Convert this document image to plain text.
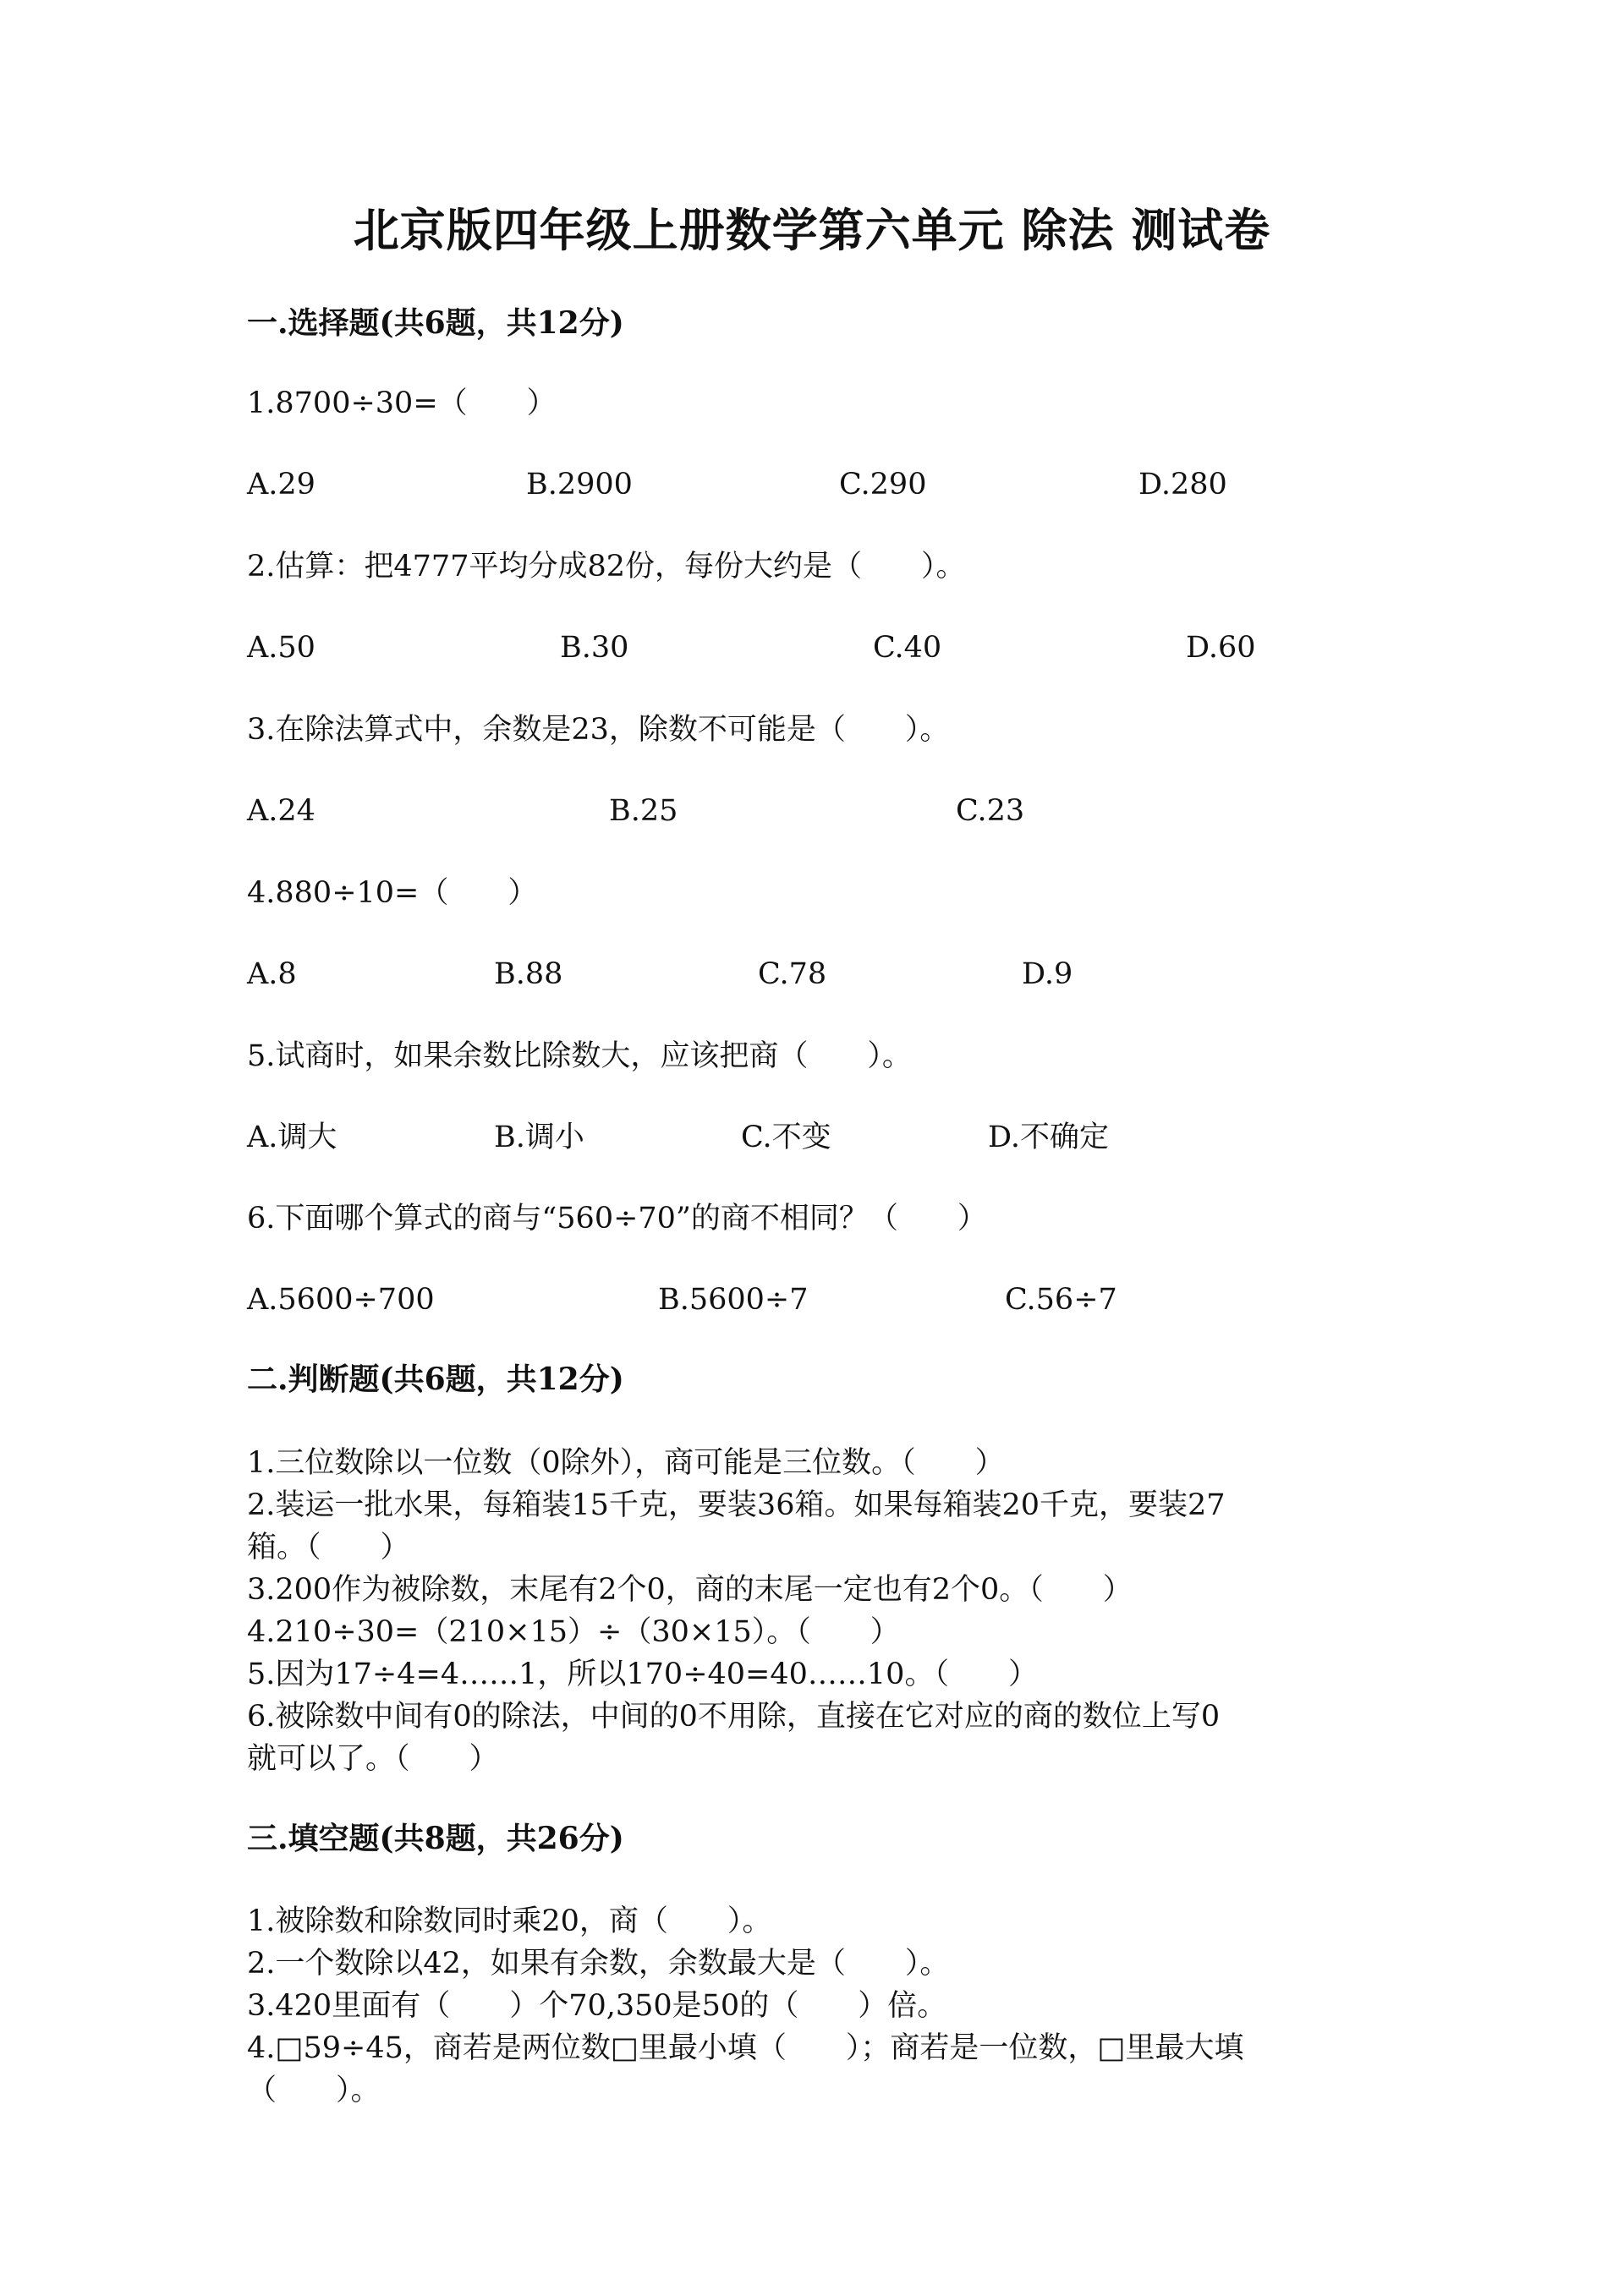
北京版四年级上册数学第六单元 除法 测试卷
一.选择题(共6题，共12分)
1.8700÷30=（　　）
A.29	B.2900	C.290	D.280
2.估算：把4777平均分成82份，每份大约是（　　）。
A.50	B.30	C.40	D.60
3.在除法算式中，余数是23，除数不可能是（　　）。
A.24	B.25	C.23
4.880÷10=（　　）
A.8	B.88	C.78	D.9
5.试商时，如果余数比除数大，应该把商（　　）。
A.调大	B.调小	C.不变	D.不确定
6.下面哪个算式的商与“560÷70”的商不相同？（　　）
A.5600÷700	B.5600÷7	C.56÷7
二.判断题(共6题，共12分)
1.三位数除以一位数（0除外），商可能是三位数。（　　）
2.装运一批水果，每箱装15千克，要装36箱。如果每箱装20千克，要装27
箱。（　　）
3.200作为被除数，末尾有2个0，商的末尾一定也有2个0。（　　）
4.210÷30=（210×15）÷（30×15）。（　　）
5.因为17÷4=4……1，所以170÷40=40……10。（　　）
6.被除数中间有0的除法，中间的0不用除，直接在它对应的商的数位上写0
就可以了。（　　）
三.填空题(共8题，共26分)
1.被除数和除数同时乘20，商（　　）。
2.一个数除以42，如果有余数，余数最大是（　　）。
3.420里面有（　　）个70,350是50的（　　）倍。
4.□59÷45，商若是两位数□里最小填（　　）；商若是一位数，□里最大填
（　　）。
